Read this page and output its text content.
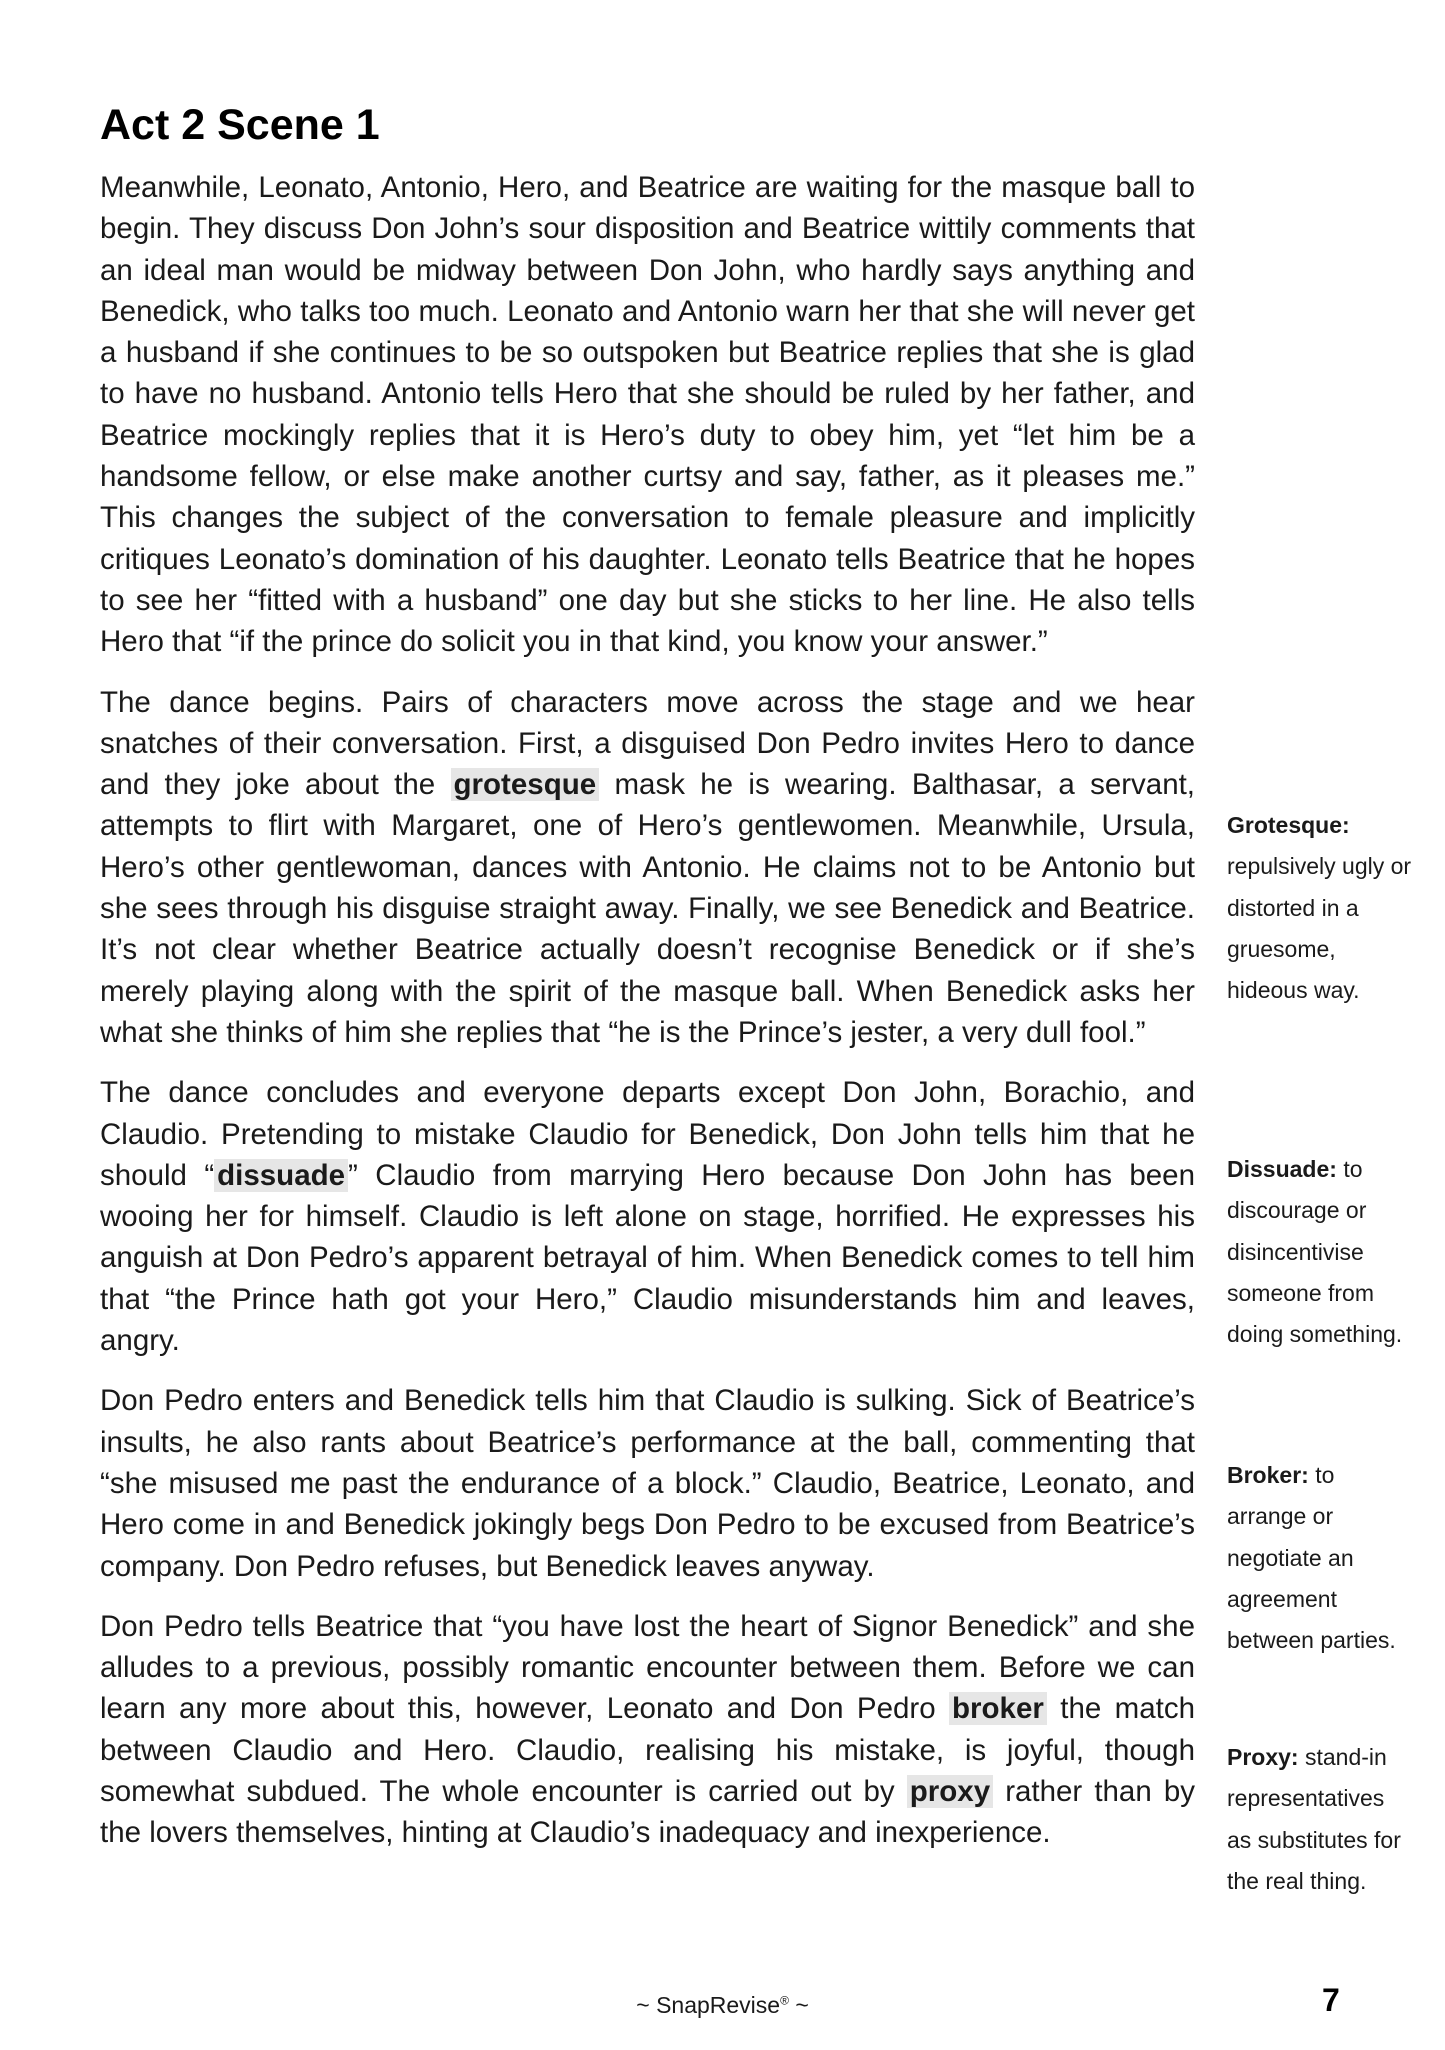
Act 2 Scene 1

Meanwhile, Leonato, Antonio, Hero, and Beatrice are waiting for the masque ball to begin. They discuss Don John’s sour disposition and Beatrice wittily comments that an ideal man would be midway between Don John, who hardly says anything and Benedick, who talks too much. Leonato and Antonio warn her that she will never get a husband if she continues to be so outspoken but Beatrice replies that she is glad to have no husband. Antonio tells Hero that she should be ruled by her father, and Beatrice mockingly replies that it is Hero’s duty to obey him, yet “let him be a handsome fellow, or else make another curtsy and say, father, as it pleases me.” This changes the subject of the conversation to female pleasure and implicitly critiques Leonato’s domination of his daughter. Leonato tells Beatrice that he hopes to see her “fitted with a husband” one day but she sticks to her line. He also tells Hero that “if the prince do solicit you in that kind, you know your answer.”

The dance begins. Pairs of characters move across the stage and we hear snatches of their conversation. First, a disguised Don Pedro invites Hero to dance and they joke about the grotesque mask he is wearing. Balthasar, a servant, attempts to flirt with Margaret, one of Hero’s gentlewomen. Meanwhile, Ursula, Hero’s other gentlewoman, dances with Antonio. He claims not to be Antonio but she sees through his disguise straight away. Finally, we see Benedick and Beatrice. It’s not clear whether Beatrice actually doesn’t recognise Benedick or if she’s merely playing along with the spirit of the masque ball. When Benedick asks her what she thinks of him she replies that “he is the Prince’s jester, a very dull fool.”

The dance concludes and everyone departs except Don John, Borachio, and Claudio. Pretending to mistake Claudio for Benedick, Don John tells him that he should “ dissuade ” Claudio from marrying Hero because Don John has been wooing her for himself. Claudio is left alone on stage, horrified. He expresses his anguish at Don Pedro’s apparent betrayal of him. When Benedick comes to tell him that “the Prince hath got your Hero,” Claudio misunderstands him and leaves, angry.

Don Pedro enters and Benedick tells him that Claudio is sulking. Sick of Beatrice’s insults, he also rants about Beatrice’s performance at the ball, commenting that “she misused me past the endurance of a block.” Claudio, Beatrice, Leonato, and Hero come in and Benedick jokingly begs Don Pedro to be excused from Beatrice’s company. Don Pedro refuses, but Benedick leaves anyway.

Don Pedro tells Beatrice that “you have lost the heart of Signor Benedick” and she alludes to a previous, possibly romantic encounter between them. Before we can learn any more about this, however, Leonato and Don Pedro broker the match between Claudio and Hero. Claudio, realising his mistake, is joyful, though somewhat subdued. The whole encounter is carried out by proxy rather than by the lovers themselves, hinting at Claudio’s inadequacy and inexperience.

Grotesque:
repulsively ugly or distorted in a gruesome, hideous way.

Dissuade: to discourage or disincentivise someone from doing something.

Broker: to arrange or negotiate an agreement between parties.

Proxy: stand-in representatives as substitutes for the real thing.

~ SnapRevise® ~	7
